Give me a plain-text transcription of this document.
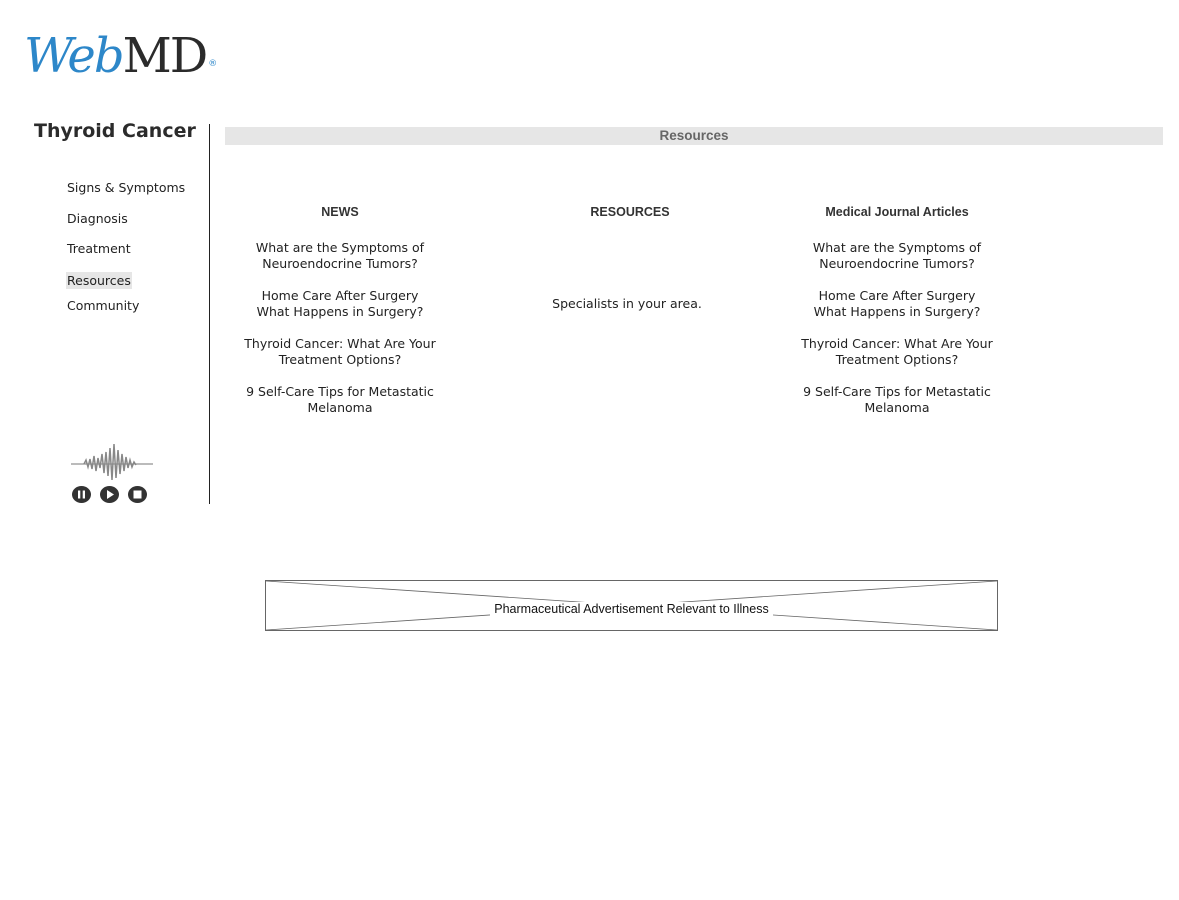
WebMD ®
Thyroid Cancer
Signs & Symptoms
Diagnosis
Treatment
Resources
Community
Resources
NEWS	RESOURCES	Medical Journal Articles
What are the Symptoms of
Neuroendocrine Tumors?
Home Care After Surgery
What Happens in Surgery?
Thyroid Cancer: What Are Your
Treatment Options?
9 Self-Care Tips for Metastatic
Melanoma
Specialists in your area.
What are the Symptoms of
Neuroendocrine Tumors?
Home Care After Surgery
What Happens in Surgery?
Thyroid Cancer: What Are Your
Treatment Options?
9 Self-Care Tips for Metastatic
Melanoma
Pharmaceutical Advertisement Relevant to Illness
